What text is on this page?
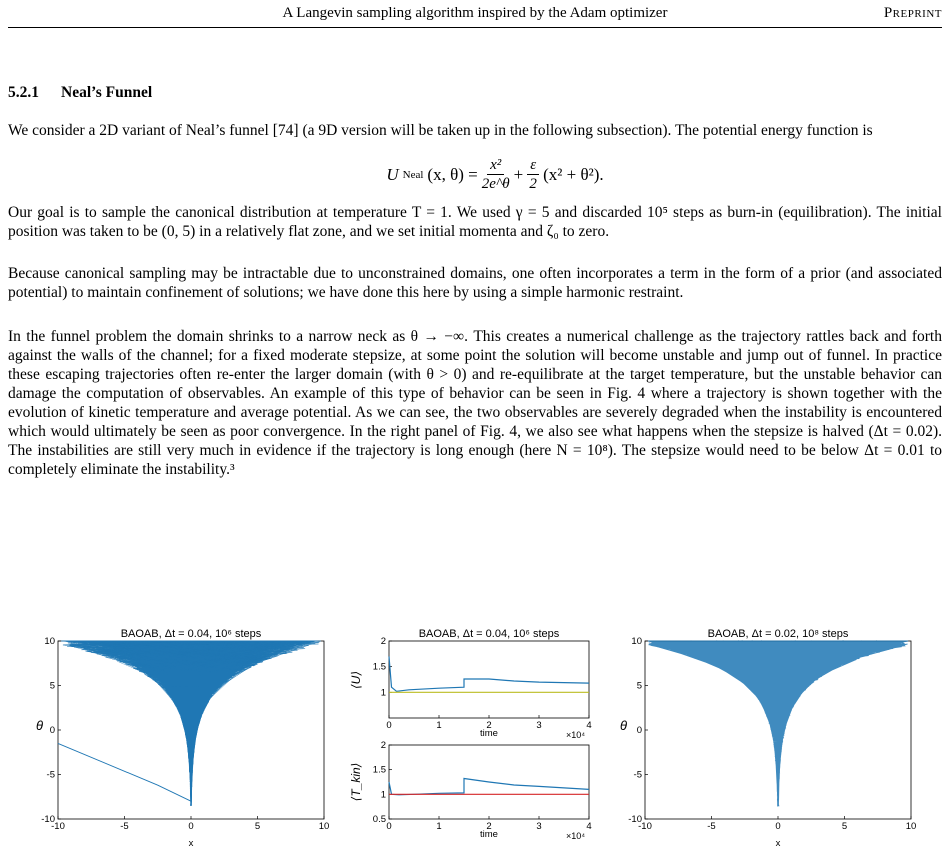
A Langevin sampling algorithm inspired by the Adam optimizer	Preprint
5.2.1 Neal’s Funnel
We consider a 2D variant of Neal’s funnel [74] (a 9D version will be taken up in the following subsection). The potential energy function is
U Neal (x, $\theta) = \frac{\text{x²}}{2e\^{}\theta} + \frac{\varepsilon}{2} (x^2 + \theta^2)$.
Our goal is to sample the canonical distribution at temperature T = 1. We used γ = 5 and discarded 10⁵ steps as burn-in (equilibration). The initial position was taken to be (0, 5) in a relatively flat zone, and we set initial momenta and ζ₀ to zero.
Because canonical sampling may be intractable due to unconstrained domains, one often incorporates a term in the form of a prior (and associated potential) to maintain confinement of solutions; we have done this here by using a simple harmonic restraint.
In the funnel problem the domain shrinks to a narrow neck as θ → −∞. This creates a numerical challenge as the trajectory rattles back and forth against the walls of the channel; for a fixed moderate stepsize, at some point the solution will become unstable and jump out of funnel. In practice these escaping trajectories often re-enter the larger domain (with θ > 0) and re-equilibrate at the target temperature, but the unstable behavior can damage the computation of observables. An example of this type of behavior can be seen in Fig. 4 where a trajectory is shown together with the evolution of kinetic temperature and average potential. As we can see, the two observables are severely degraded when the instability is encountered which would ultimately be seen as poor convergence. In the right panel of Fig. 4, we also see what happens when the stepsize is halved (Δt = 0.02). The instabilities are still very much in evidence if the trajectory is long enough (here N = 10⁸). The stepsize would need to be below Δt = 0.01 to completely eliminate the instability.³
-10	-5	0	5	10
-10
-5
0
5
10
BAOAB, Δt = 0.04, 10⁶ steps
θ
x
0	1	2	3	4
1
1.5
2
BAOAB, Δt = 0.04, 10⁶ steps
⟨U⟩
time	×10⁴
0	1	2	3	4
0.5
1
1.5
2
⟨T_kin⟩
time	×10⁴
-10	-5	0	5	10
-10
-5
0
5
10
BAOAB, Δt = 0.02, 10⁸ steps
θ
x
